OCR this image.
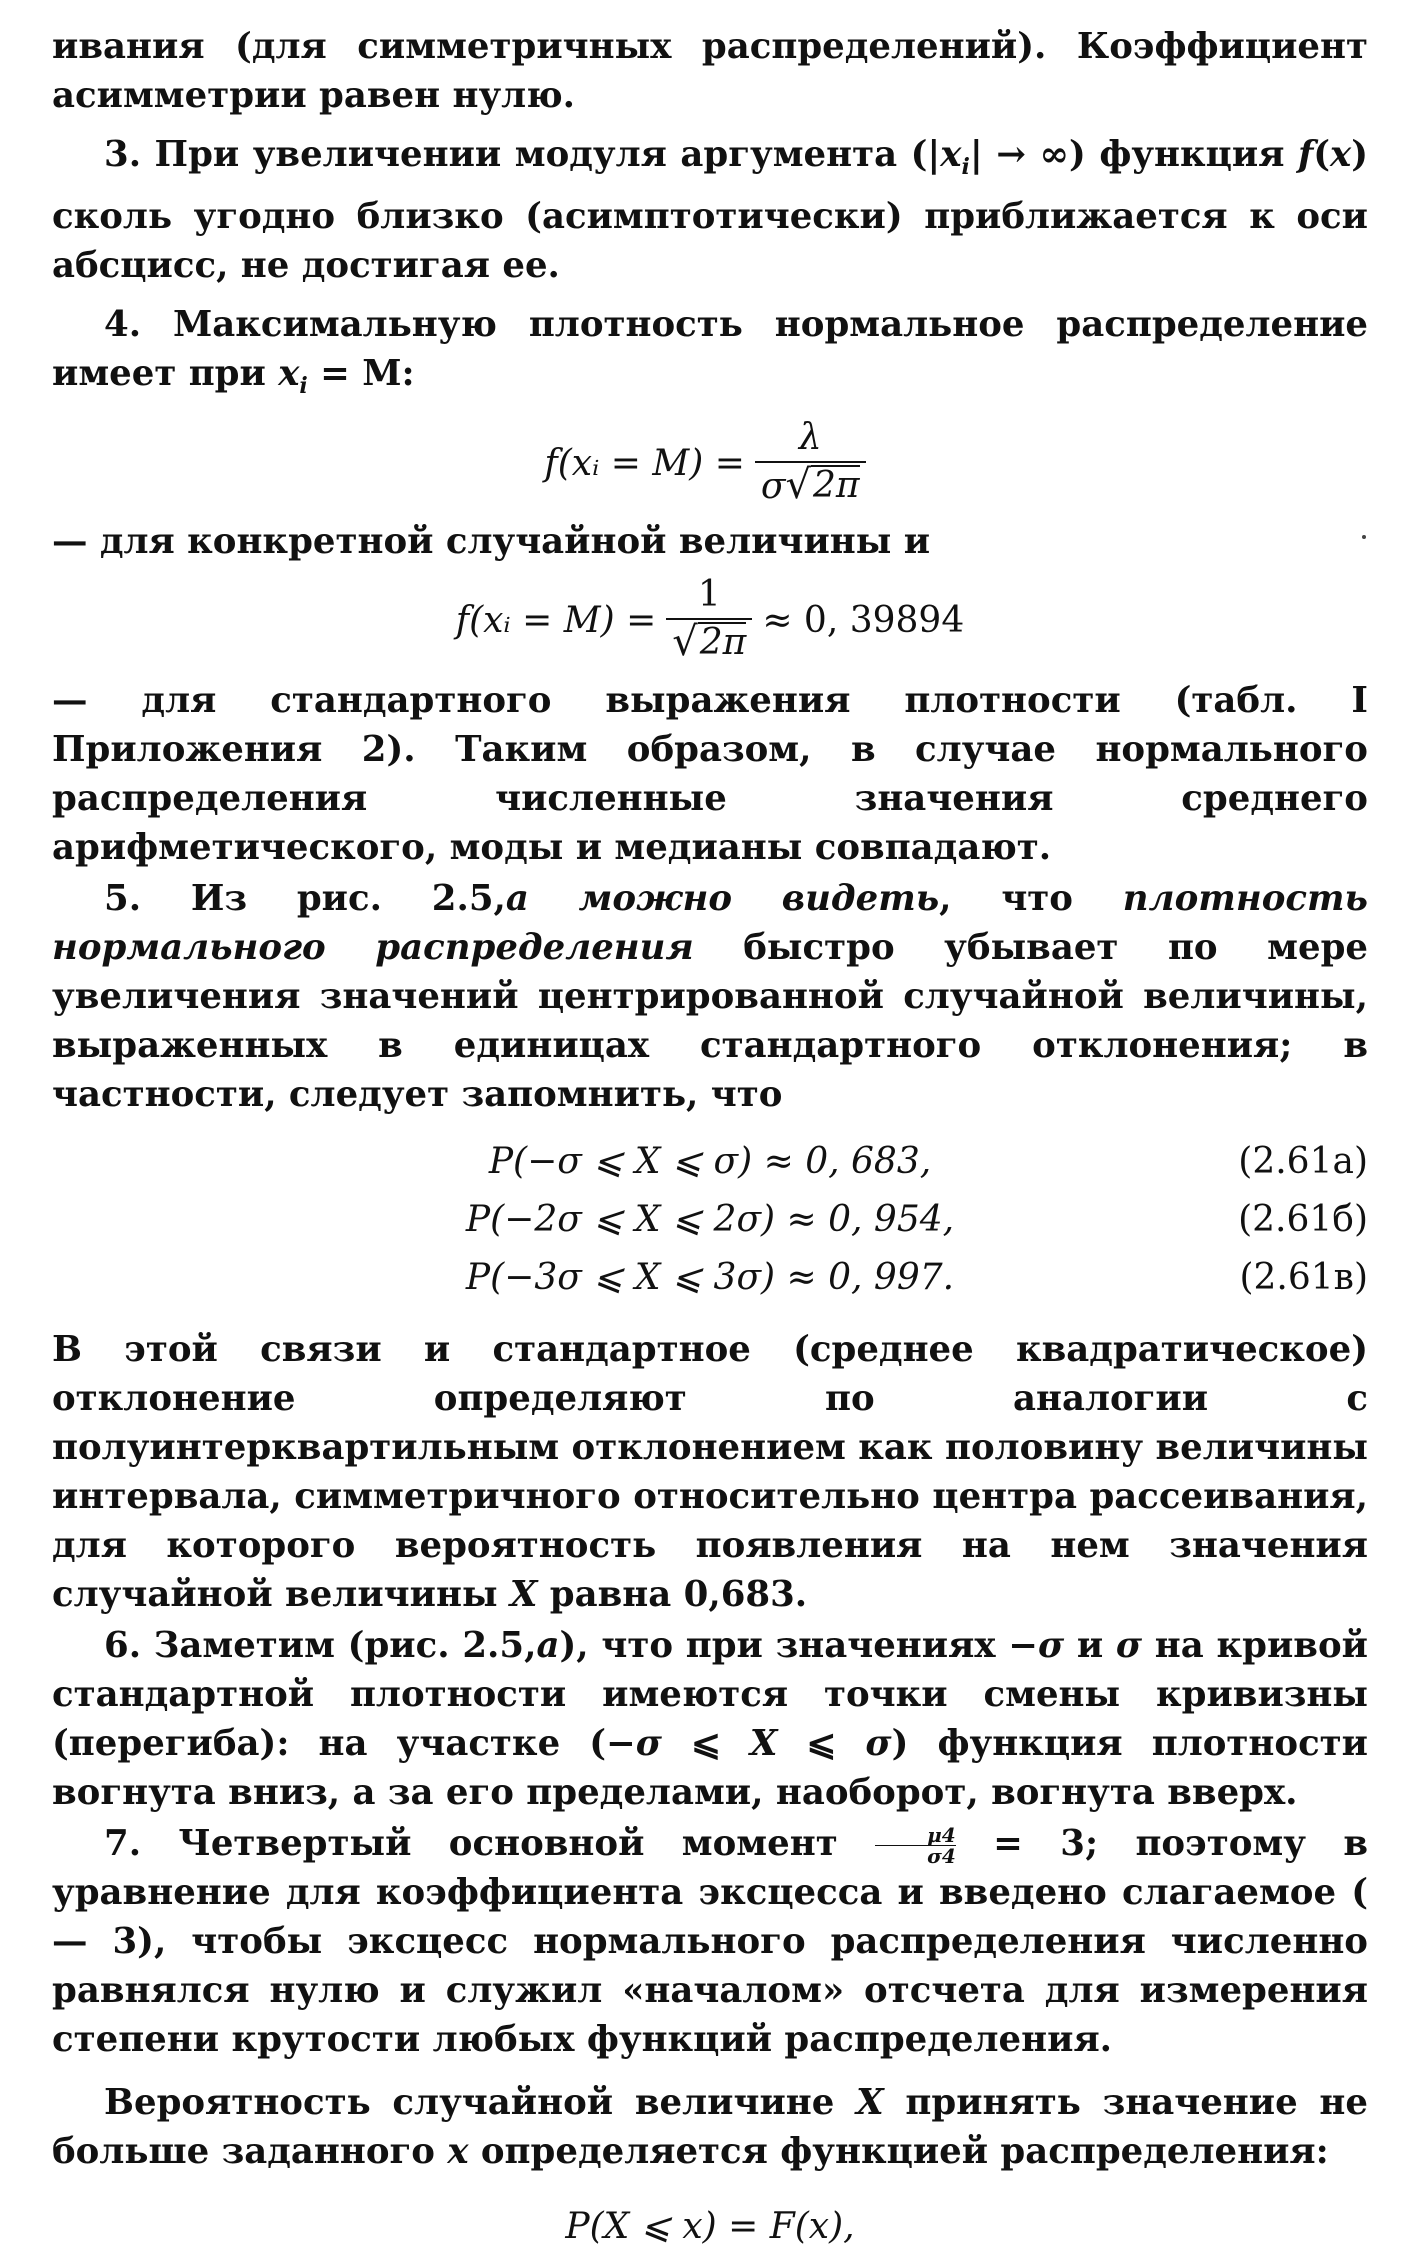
ивания (для симметричных распределений). Коэффициент асимметрии равен нулю.

3. При увеличении модуля аргумента ($|x_i|$ → ∞) функция f(x) сколь угодно близко (асимптотически) приближается к оси абсцисс, не достигая ее.

4. Максимальную плотность нормальное распределение имеет при $x_i = M$:

f(xᵢ = $M) = \frac{\lambda}{\sigma √ 2\pi}$

— для конкретной случайной величины и

f(xᵢ = $M) = \frac{1}{√ 2\pi} \approx 0$, 39894

— для стандартного выражения плотности (табл. I Приложения 2). Таким образом, в случае нормального распределения численные значения среднего арифметического, моды и медианы совпадают.

5. Из рис. 2.5,а можно видеть, что плотность нормального распределения быстро убывает по мере увеличения значений центрированной случайной величины, выраженных в единицах стандартного отклонения; в частности, следует запомнить, что

P(−σ ⩽ X ⩽ σ) ≈ 0, 683,	(2.61а)
P(−2σ ⩽ X ⩽ 2σ) ≈ 0, 954,	(2.61б)
P(−3σ ⩽ X ⩽ 3σ) ≈ 0, 997.	(2.61в)

В этой связи и стандартное (среднее квадратическое) отклонение определяют по аналогии с полуинтерквартильным отклонением как половину величины интервала, симметричного относительно центра рассеивания, для которого вероятность появления на нем значения случайной величины X равна 0,683.

6. Заметим (рис. 2.5,а), что при значениях −σ и σ на кривой стандартной плотности имеются точки смены кривизны (перегиба): на участке (−σ ⩽ X ⩽ σ) функция плотности вогнута вниз, а за его пределами, наоборот, вогнута вверх.

7. Четвертый основной момент $\frac{\mu 4}{\sigma 4} = 3$; поэтому в уравнение для коэффициента эксцесса и введено слагаемое ( — 3), чтобы эксцесс нормального распределения численно равнялся нулю и служил «началом» отсчета для измерения степени крутости любых функций распределения.

Вероятность случайной величине X принять значение не больше заданного x определяется функцией распределения:

P(X ⩽ x) = F(x),
